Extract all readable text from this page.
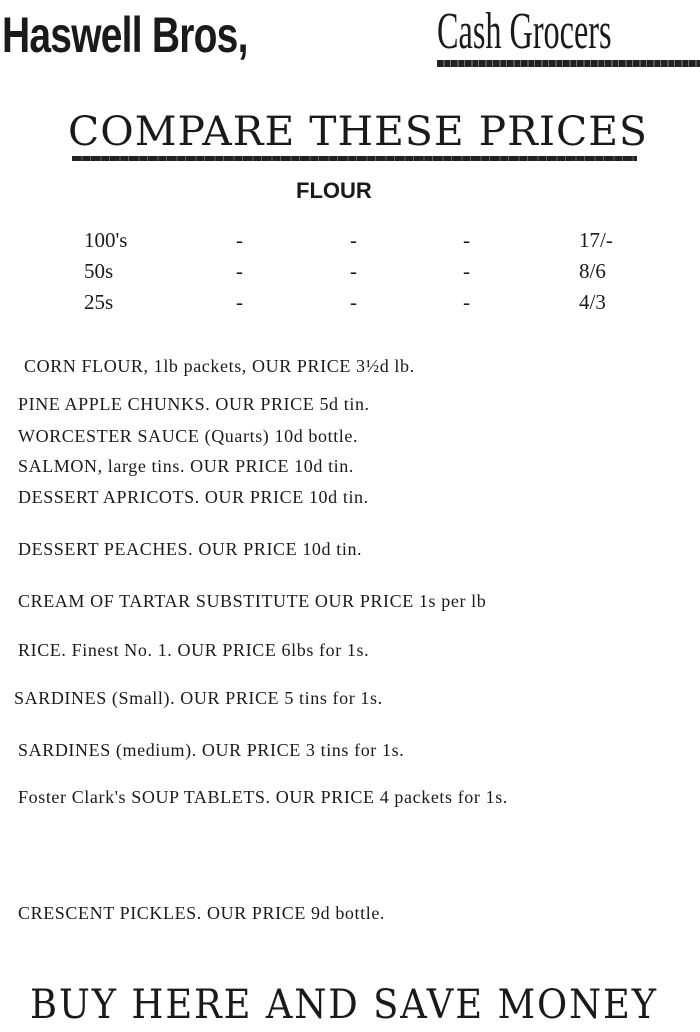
Haswell Bros,	Cash Grocers
COMPARE THESE PRICES
FLOUR
100's	-	-	-	17/-
50s	-	-	-	8/6
25s	-	-	-	4/3
CORN FLOUR, 1lb packets, OUR PRICE 3½d lb.
PINE APPLE CHUNKS. OUR PRICE 5d tin.
WORCESTER SAUCE (Quarts) 10d bottle.
SALMON, large tins. OUR PRICE 10d tin.
DESSERT APRICOTS. OUR PRICE 10d tin.
DESSERT PEACHES. OUR PRICE 10d tin.
CREAM OF TARTAR SUBSTITUTE OUR PRICE 1s per lb
RICE. Finest No. 1. OUR PRICE 6lbs for 1s.
SARDINES (Small). OUR PRICE 5 tins for 1s.
SARDINES (medium). OUR PRICE 3 tins for 1s.
Foster Clark's SOUP TABLETS. OUR PRICE 4 packets for 1s.
CRESCENT PICKLES. OUR PRICE 9d bottle.
BUY HERE AND SAVE MONEY
